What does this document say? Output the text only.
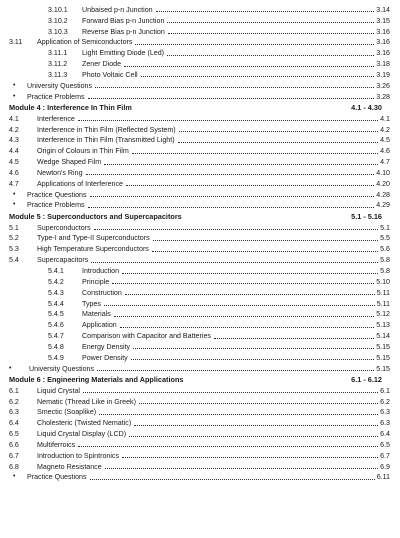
3.10.1	Unbaised p-n Junction	3.14
3.10.2	Forward Bias p-n Junction	3.15
3.10.3	Reverse Bias p-n Junction	3.16
3.11	Application of Semiconductors	3.16
3.11.1	Light Emitting Diode (Led)	3.16
3.11.2	Zener Diode	3.18
3.11.3	Photo Voltaic Cell	3.19
•	University Questions	3.26
•	Practice Problems	3.28
Module 4 : Interference In Thin Film	4.1 - 4.30
4.1	Interference	4.1
4.2	Interference in Thin Film (Reflected System)	4.2
4.3	Interference in Thin Film (Transmitted Light)	4.5
4.4	Origin of Colours in Thin Film	4.6
4.5	Wedge Shaped Film	4.7
4.6	Newton's Ring	4.10
4.7	Applications of Interference	4.20
•	Practice Questions	4.28
•	Practice Problems	4.29
Module 5 : Superconductors and Supercapacitors	5.1 - 5.16
5.1	Superconductors	5.1
5.2	Type-I and Type-II Superconductors	5.5
5.3	High Temperature Superconductors	5.6
5.4	Supercapacitors	5.8
5.4.1	Introduction	5.8
5.4.2	Principle	5.10
5.4.3	Construction	5.11
5.4.4	Types	5.11
5.4.5	Materials	5.12
5.4.6	Application	5.13
5.4.7	Comparison with Capacitor and Batteries	5.14
5.4.8	Energy Density	5.15
5.4.9	Power Density	5.15
•	University Questions	5.15
Module 6 : Engineering Materials and Applications	6.1 - 6.12
6.1	Liquid Crystal	6.1
6.2	Nematic (Thread Like in Greek)	6.2
6.3	Smectic (Soaplike)	6.3
6.4	Cholesteric (Twisted Nematic)	6.3
6.5	Liquid Crystal Display (LCD)	6.4
6.6	Multiferroics	6.5
6.7	Introduction to Spintronics	6.7
6.8	Magneto Resistance	6.9
•	Practice Questions	6.11
